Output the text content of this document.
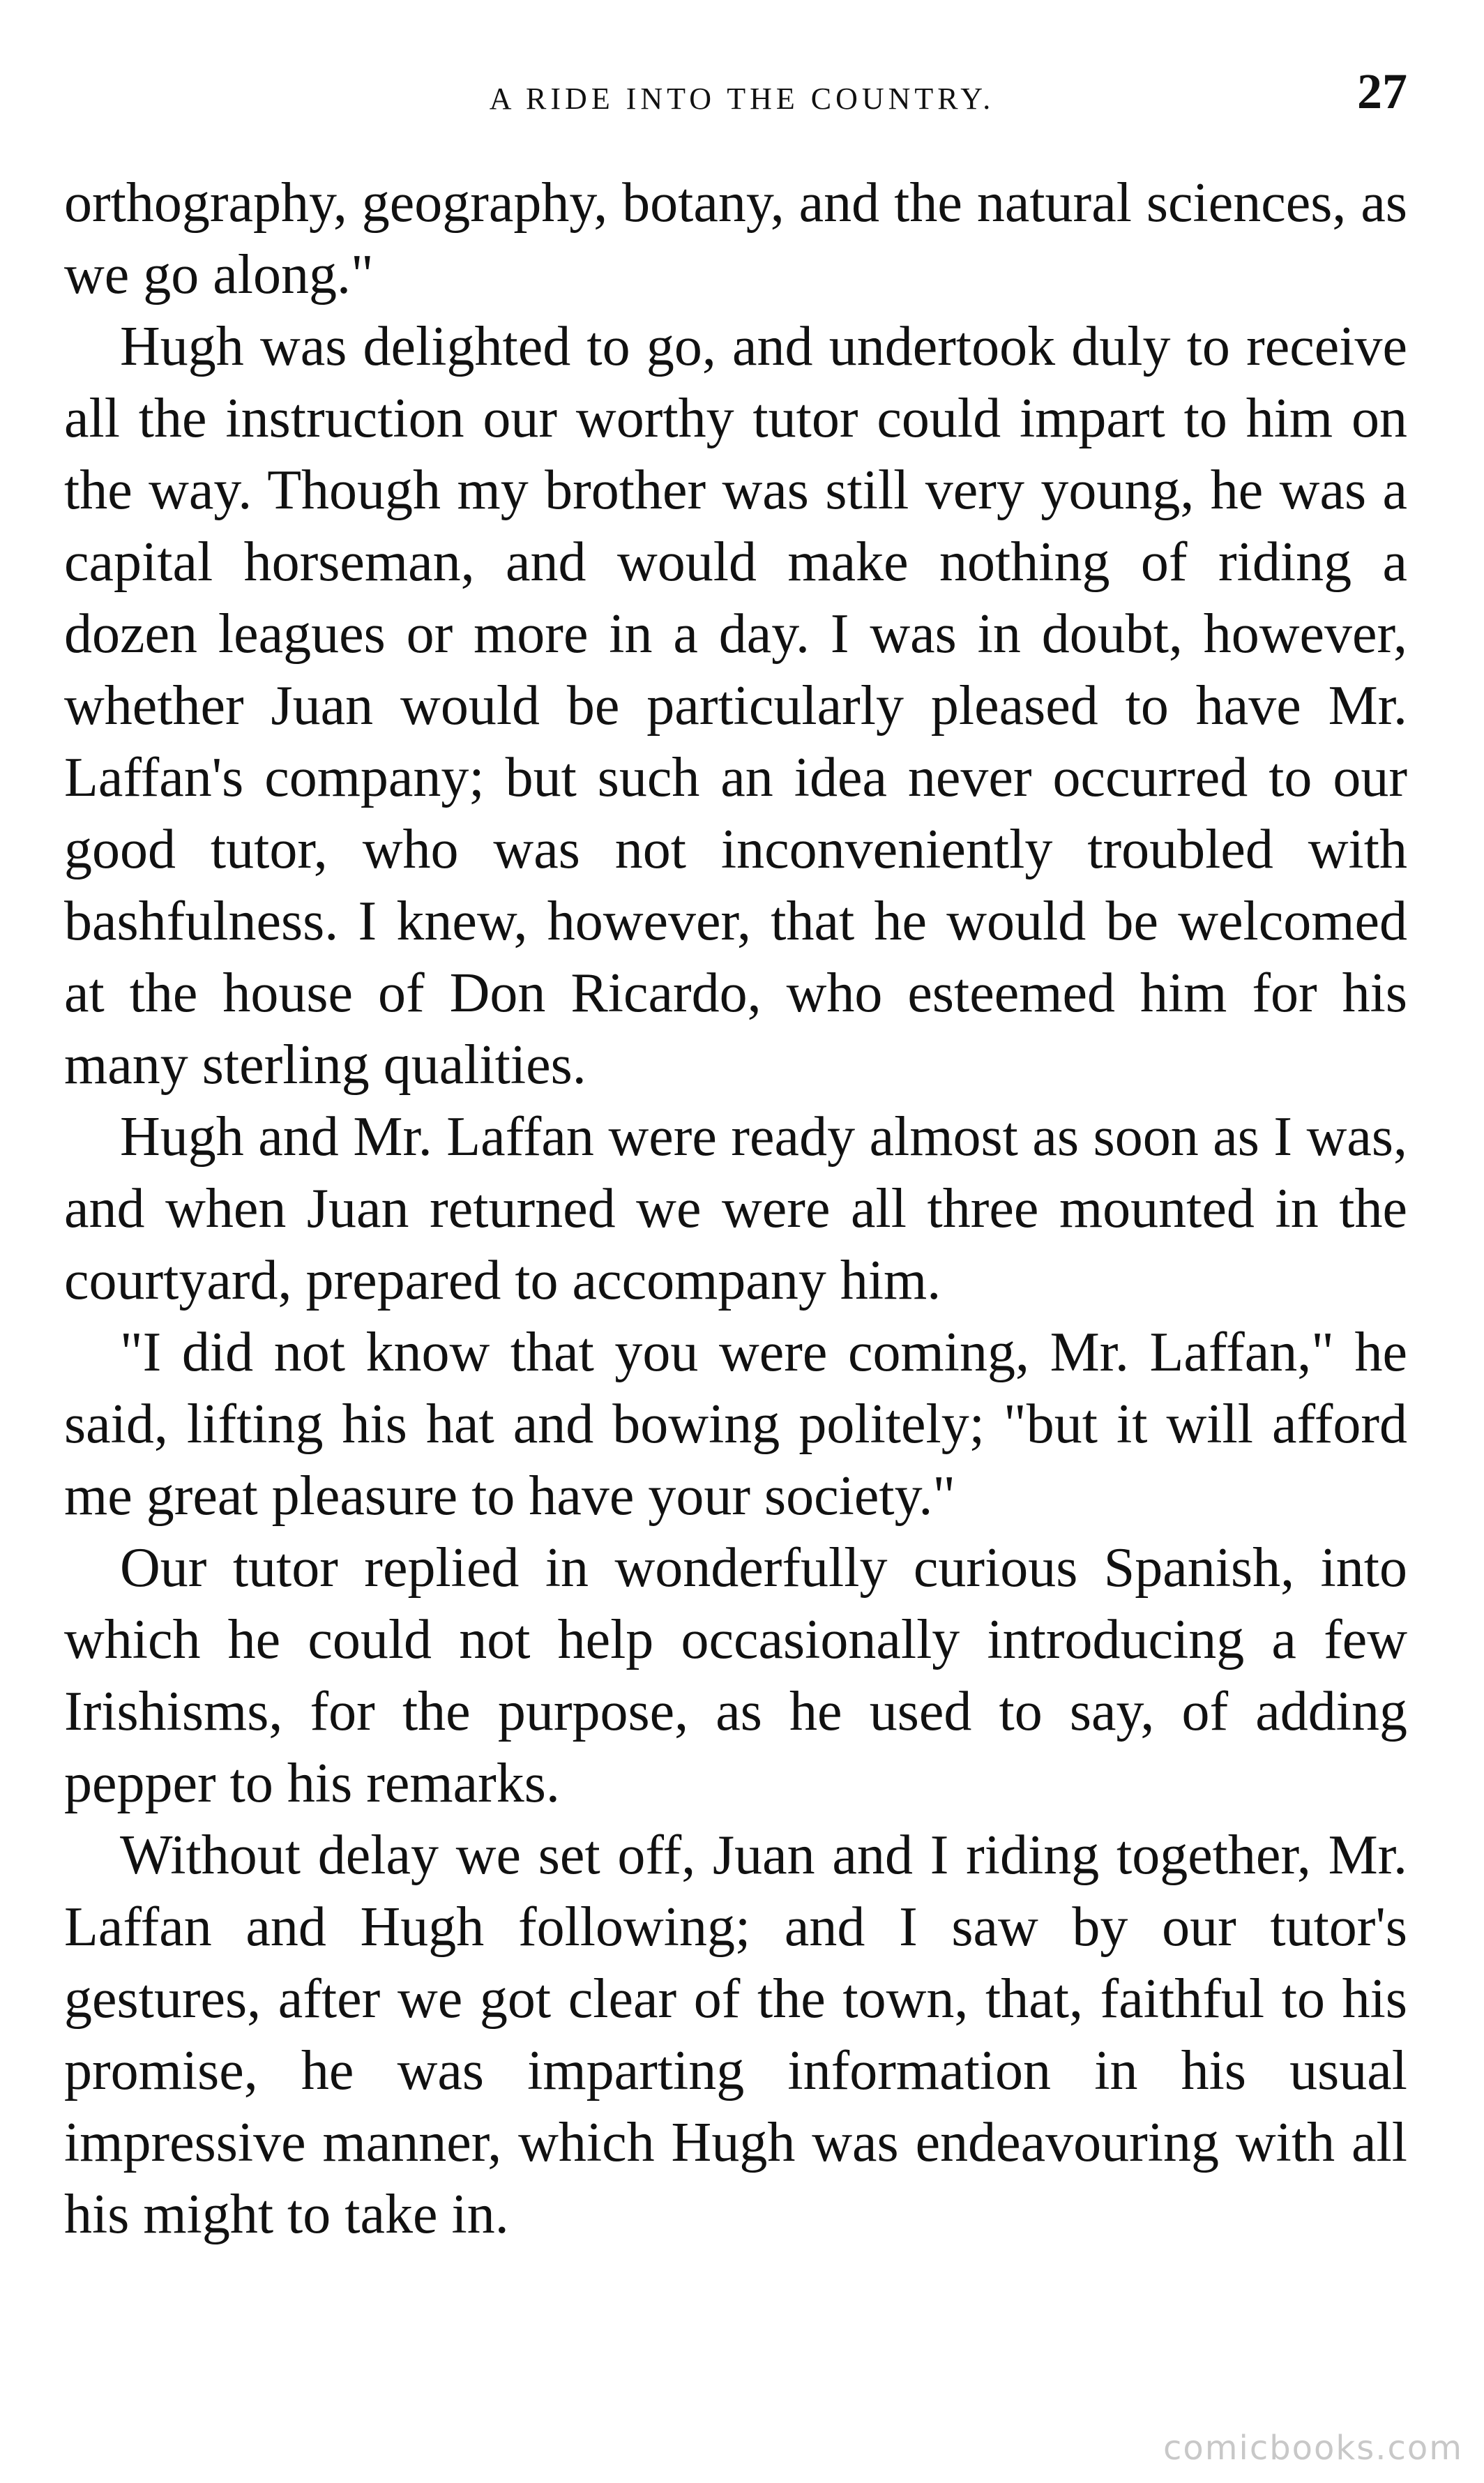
A RIDE INTO THE COUNTRY.	27

orthography, geography, botany, and the natural sciences, as we go along."

Hugh was delighted to go, and undertook duly to receive all the instruction our worthy tutor could impart to him on the way. Though my brother was still very young, he was a capital horseman, and would make nothing of riding a dozen leagues or more in a day. I was in doubt, however, whether Juan would be particularly pleased to have Mr. Laffan's company; but such an idea never occurred to our good tutor, who was not inconveniently troubled with bashfulness. I knew, however, that he would be welcomed at the house of Don Ricardo, who esteemed him for his many sterling qualities.

Hugh and Mr. Laffan were ready almost as soon as I was, and when Juan returned we were all three mounted in the courtyard, prepared to accompany him.

"I did not know that you were coming, Mr. Laffan," he said, lifting his hat and bowing politely; "but it will afford me great pleasure to have your society."

Our tutor replied in wonderfully curious Spanish, into which he could not help occasionally introducing a few Irishisms, for the purpose, as he used to say, of adding pepper to his remarks.

Without delay we set off, Juan and I riding together, Mr. Laffan and Hugh following; and I saw by our tutor's gestures, after we got clear of the town, that, faithful to his promise, he was imparting information in his usual impressive manner, which Hugh was endeavouring with all his might to take in.

comicbooks.com
